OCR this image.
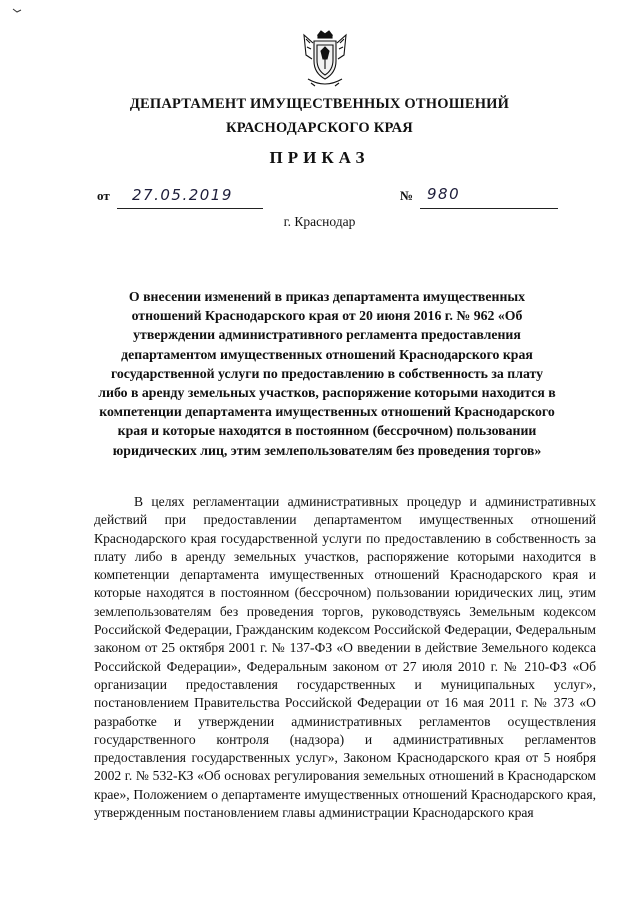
ДЕПАРТАМЕНТ ИМУЩЕСТВЕННЫХ ОТНОШЕНИЙ
КРАСНОДАРСКОГО КРАЯ
ПРИКАЗ
от 27.05.2019	№ 980
г. Краснодар
О внесении изменений в приказ департамента имущественных отношений Краснодарского края от 20 июня 2016 г. № 962 «Об утверждении административного регламента предоставления департаментом имущественных отношений Краснодарского края государственной услуги по предоставлению в собственность за плату либо в аренду земельных участков, распоряжение которыми находится в компетенции департамента имущественных отношений Краснодарского края и которые находятся в постоянном (бессрочном) пользовании юридических лиц, этим землепользователям без проведения торгов»

В целях регламентации административных процедур и административных действий при предоставлении департаментом имущественных отношений Краснодарского края государственной услуги по предоставлению в собственность за плату либо в аренду земельных участков, распоряжение которыми находится в компетенции департамента имущественных отношений Краснодарского края и которые находятся в постоянном (бессрочном) пользовании юридических лиц, этим землепользователям без проведения торгов, руководствуясь Земельным кодексом Российской Федерации, Гражданским кодексом Российской Федерации, Федеральным законом от 25 октября 2001 г. № 137-ФЗ «О введении в действие Земельного кодекса Российской Федерации», Федеральным законом от 27 июля 2010 г. № 210-ФЗ «Об организации предоставления государственных и муниципальных услуг», постановлением Правительства Российской Федерации от 16 мая 2011 г. № 373 «О разработке и утверждении административных регламентов осуществления государственного контроля (надзора) и административных регламентов предоставления государственных услуг», Законом Краснодарского края от 5 ноября 2002 г. № 532-КЗ «Об основах регулирования земельных отношений в Краснодарском крае», Положением о департаменте имущественных отношений Краснодарского края, утвержденным постановлением главы администрации Краснодарского края
